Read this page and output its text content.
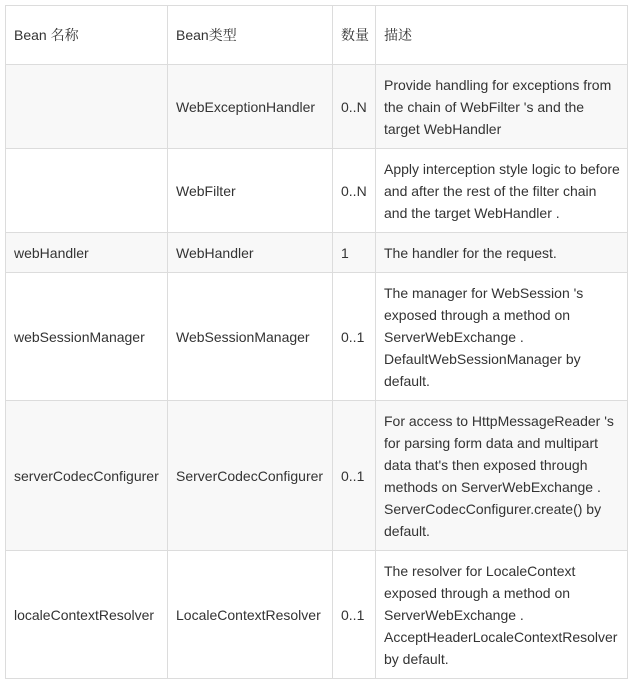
Bean 名称	Bean类型	数量	描述
	WebExceptionHandler	0..N	Provide handling for exceptions from the chain of WebFilter 's and the target WebHandler
	WebFilter	0..N	Apply interception style logic to before and after the rest of the filter chain and the target WebHandler .
webHandler	WebHandler	1	The handler for the request.
webSessionManager	WebSessionManager	0..1	The manager for WebSession 's exposed through a method on ServerWebExchange . DefaultWebSessionManager by default.
serverCodecConfigurer	ServerCodecConfigurer	0..1	For access to HttpMessageReader 's for parsing form data and multipart data that's then exposed through methods on ServerWebExchange . ServerCodecConfigurer.create() by default.
localeContextResolver	LocaleContextResolver	0..1	The resolver for LocaleContext exposed through a method on ServerWebExchange . AcceptHeaderLocaleContextResolver by default.
